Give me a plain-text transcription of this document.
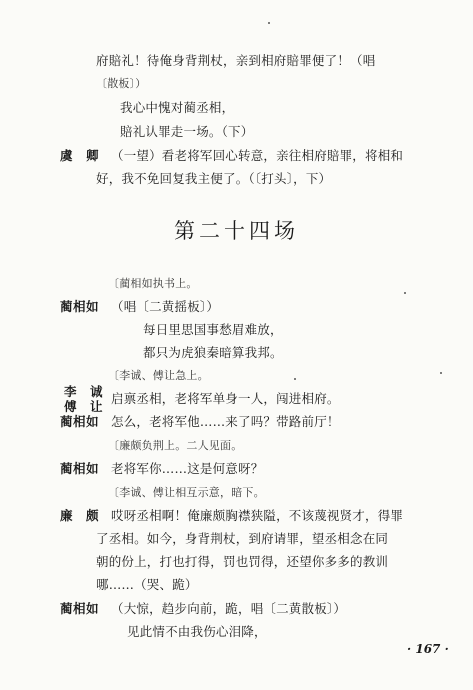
府賠礼！待俺身背荆杖，亲到相府賠罪便了！（唱
〔散板〕）
我心中愧对蔺丞相，
賠礼认罪走一场。（下）
虞　卿 （一望）看老将军回心转意，亲往相府賠罪，将相和
好，我不免回复我主便了。（〔打头〕，下）
第二十四场
〔蔺相如执书上。
蔺相如 （唱〔二黄摇板〕）
每日里思国事愁眉难放，
都只为虎狼秦暗算我邦。
〔李诚、傅让急上。
李　诚
傅　让
启禀丞相，老将军单身一人，闯进相府。
蔺相如 怎么，老将军他……来了吗？带路前厅！
〔廉颇负荆上。二人见面。
蔺相如 老将军你……这是何意呀？
〔李诚、傅让相互示意，暗下。
廉　颇 哎呀丞相啊！俺廉颇胸襟狭隘，不该蔑视贤才，得罪
了丞相。如今，身背荆杖，到府请罪，望丞相念在同
朝的份上，打也打得，罚也罚得，还望你多多的教训
哪……（哭、跪）
蔺相如 （大惊，趋步向前，跪，唱〔二黄散板〕）
见此情不由我伤心泪降，
· 167 ·
